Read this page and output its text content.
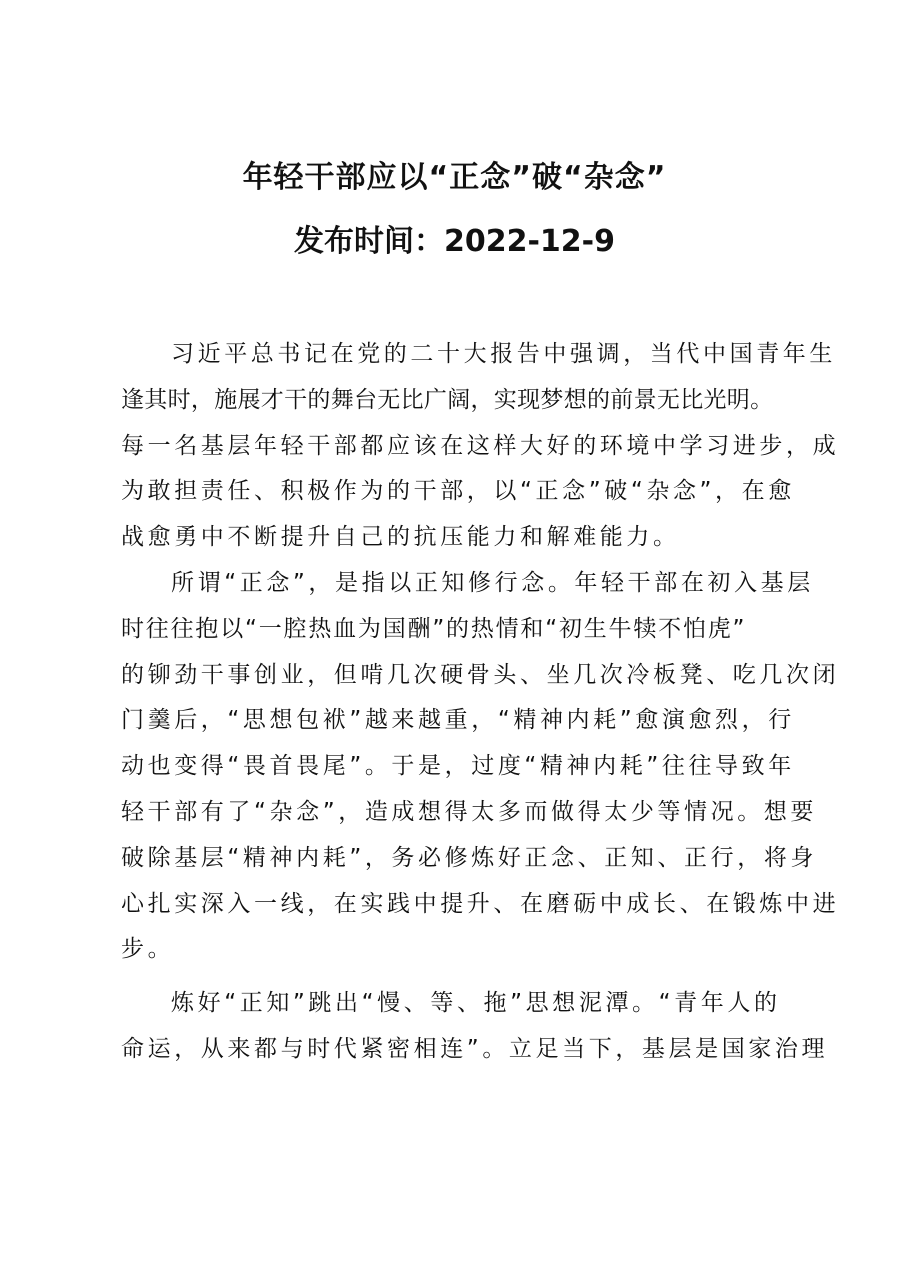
年轻干部应以“正念”破“杂念”
发布时间：2022-12-9

习近平总书记在党的二十大报告中强调，当代中国青年生
逢其时，施展才干的舞台无比广阔，实现梦想的前景无比光明。
每一名基层年轻干部都应该在这样大好的环境中学习进步，成
为敢担责任、积极作为的干部，以“正念”破“杂念”，在愈
战愈勇中不断提升自己的抗压能力和解难能力。

所谓“正念”，是指以正知修行念。年轻干部在初入基层
时往往抱以“一腔热血为国酬”的热情和“初生牛犊不怕虎”
的铆劲干事创业，但啃几次硬骨头、坐几次冷板凳、吃几次闭
门羹后，“思想包袱”越来越重，“精神内耗”愈演愈烈，行
动也变得“畏首畏尾”。于是，过度“精神内耗”往往导致年
轻干部有了“杂念”，造成想得太多而做得太少等情况。想要
破除基层“精神内耗”，务必修炼好正念、正知、正行，将身
心扎实深入一线，在实践中提升、在磨砺中成长、在锻炼中进
步。

炼好“正知”跳出“慢、等、拖”思想泥潭。“青年人的
命运，从来都与时代紧密相连”。立足当下，基层是国家治理
